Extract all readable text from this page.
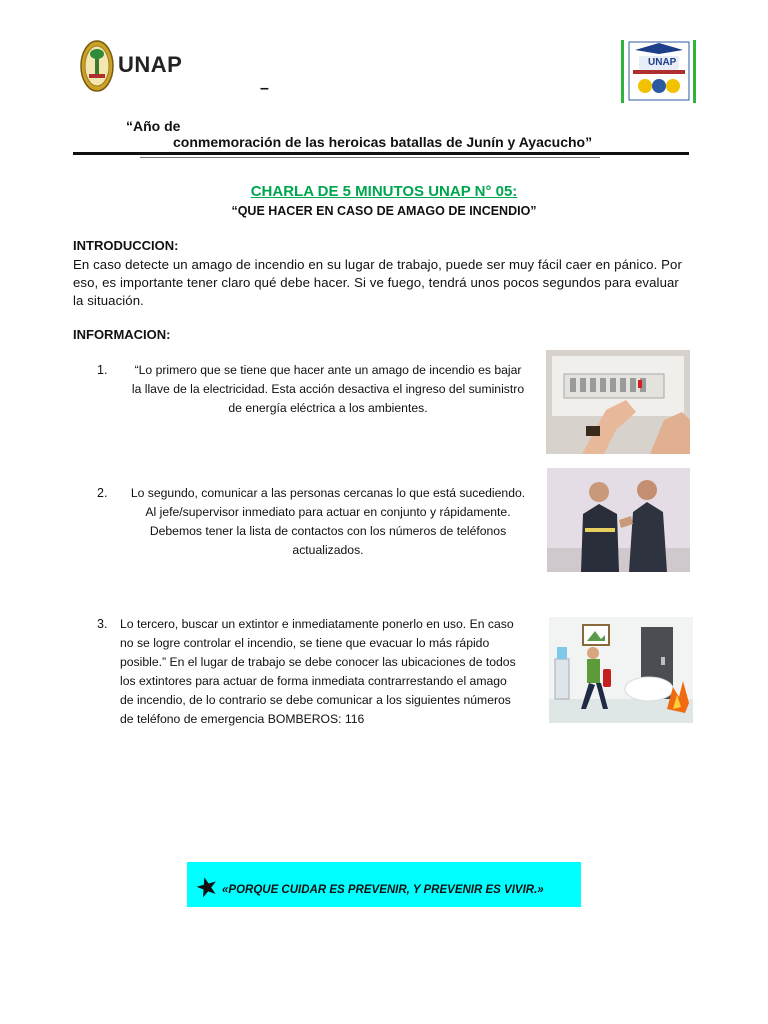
UNAP
–
UNAP
“Año de
conmemoración de las heroicas batallas de Junín y Ayacucho”
CHARLA DE 5 MINUTOS UNAP N° 05:
“QUE HACER EN CASO DE AMAGO DE INCENDIO”
INTRODUCCION:
En caso detecte un amago de incendio en su lugar de trabajo, puede ser muy fácil caer en pánico. Por eso, es importante tener claro qué debe hacer. Si ve fuego, tendrá unos pocos segundos para evaluar la situación.
INFORMACION:
1.	“Lo primero que se tiene que hacer ante un amago de incendio es bajar
la llave de la electricidad. Esta acción desactiva el ingreso del suministro
de energía eléctrica a los ambientes.
2.	Lo segundo, comunicar a las personas cercanas lo que está sucediendo.
Al jefe/supervisor inmediato para actuar en conjunto y rápidamente.
Debemos tener la lista de contactos con los números de teléfonos
actualizados.
3. Lo tercero, buscar un extintor e inmediatamente ponerlo en uso. En caso
no se logre controlar el incendio, se tiene que evacuar lo más rápido
posible.” En el lugar de trabajo se debe conocer las ubicaciones de todos
los extintores para actuar de forma inmediata contrarrestando el amago
de incendio, de lo contrario se debe comunicar a los siguientes números
de teléfono de emergencia BOMBEROS: 116
«PORQUE CUIDAR ES PREVENIR, Y PREVENIR ES VIVIR.»
